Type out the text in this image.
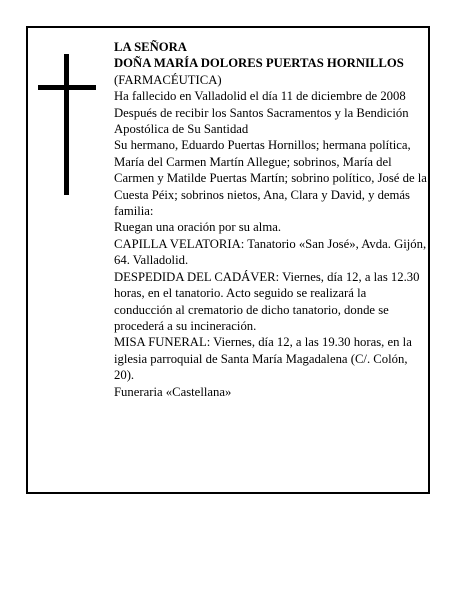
LA SEÑORA

DOÑA MARÍA DOLORES PUERTAS HORNILLOS

(FARMACÉUTICA)

Ha fallecido en Valladolid el día 11 de diciembre de 2008

Después de recibir los Santos Sacramentos y la Bendición Apostólica de Su Santidad

Su hermano, Eduardo Puertas Hornillos; hermana política, María del Carmen Martín Allegue; sobrinos, María del Carmen y Matilde Puertas Martín; sobrino político, José de la Cuesta Péix; sobrinos nietos, Ana, Clara y David, y demás familia:

Ruegan una oración por su alma.

CAPILLA VELATORIA: Tanatorio «San José», Avda. Gijón, 64. Valladolid.

DESPEDIDA DEL CADÁVER: Viernes, día 12, a las 12.30 horas, en el tanatorio. Acto seguido se realizará la conducción al crematorio de dicho tanatorio, donde se procederá a su incineración.

MISA FUNERAL: Viernes, día 12, a las 19.30 horas, en la iglesia parroquial de Santa María Magadalena (C/. Colón, 20).

Funeraria «Castellana»
